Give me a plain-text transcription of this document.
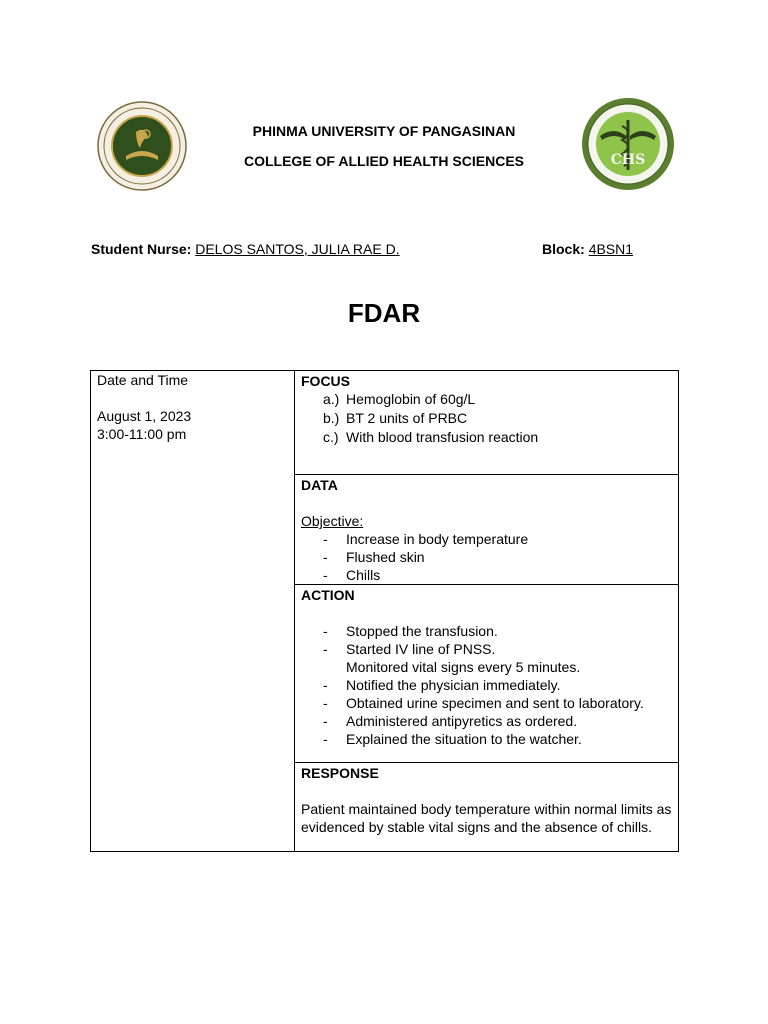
CHS
PHINMA UNIVERSITY OF PANGASINAN
COLLEGE OF ALLIED HEALTH SCIENCES
Student Nurse: DELOS SANTOS, JULIA RAE D.	Block: 4BSN1
FDAR
Date and Time
August 1, 2023
3:00-11:00 pm

FOCUS
a.) Hemoglobin of 60g/L
b.) BT 2 units of PRBC
c.) With blood transfusion reaction

DATA
Objective:
- Increase in body temperature
- Flushed skin
- Chills

ACTION
- Stopped the transfusion.
- Started IV line of PNSS.
Monitored vital signs every 5 minutes.
- Notified the physician immediately.
- Obtained urine specimen and sent to laboratory.
- Administered antipyretics as ordered.
- Explained the situation to the watcher.

RESPONSE
Patient maintained body temperature within normal limits as evidenced by stable vital signs and the absence of chills.
